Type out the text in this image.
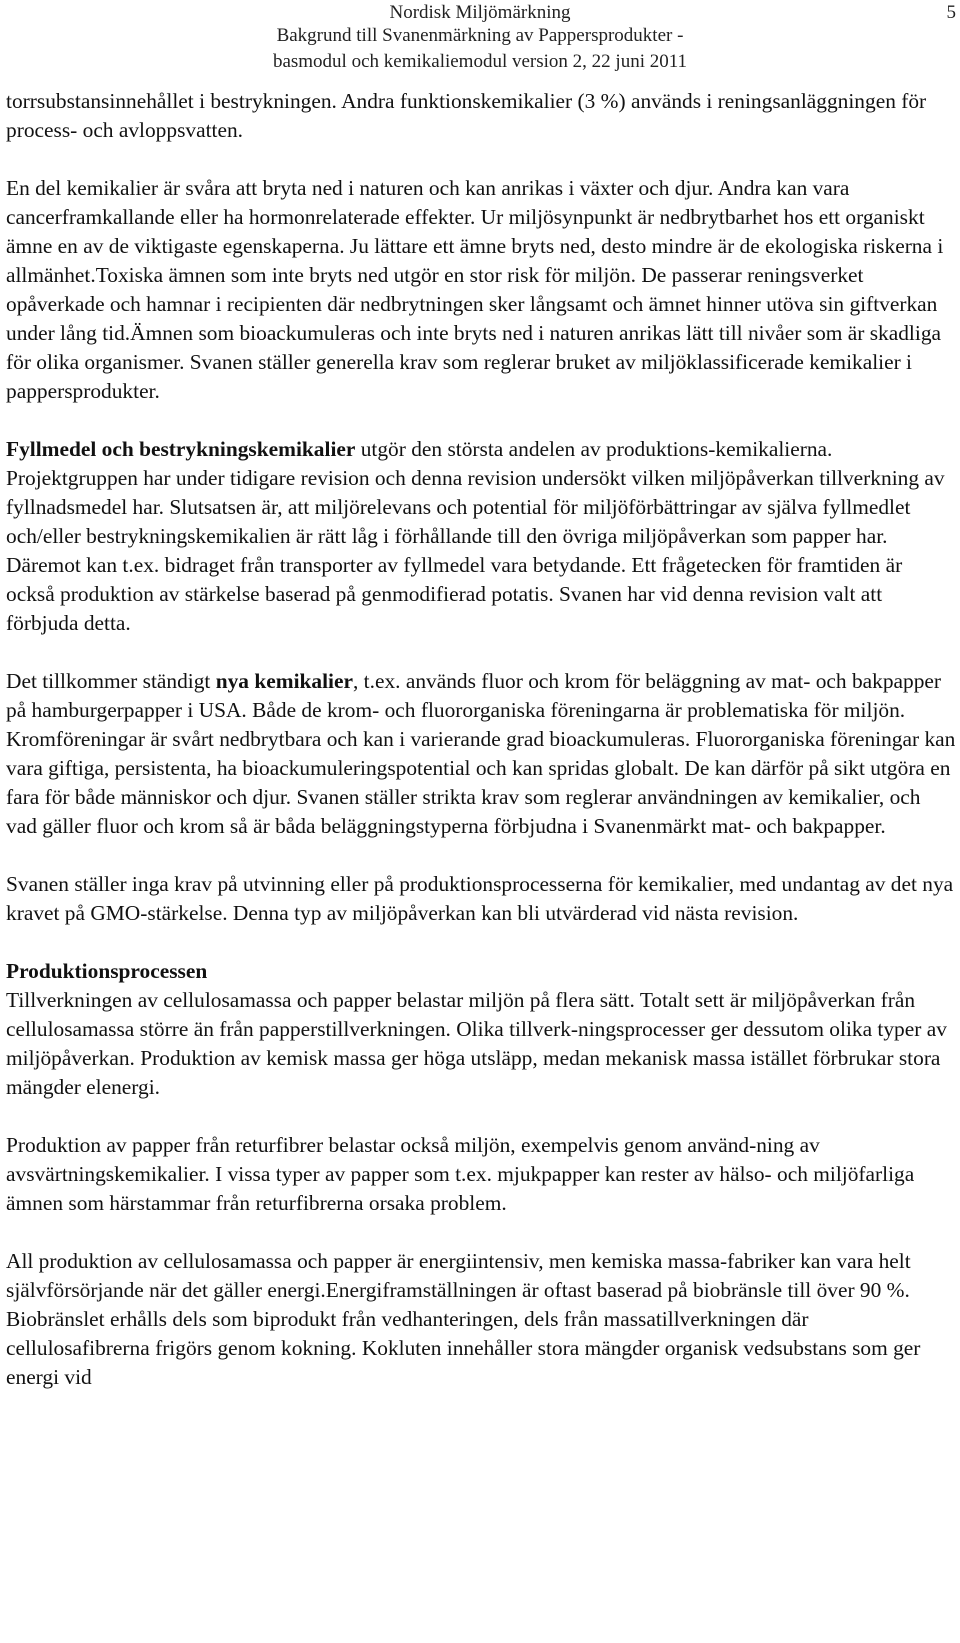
Nordisk Miljömärkning
Bakgrund till Svanenmärkning av Pappersprodukter -
basmodul och kemikaliemodul version 2, 22 juni 2011
5

torrsubstansinnehållet i bestrykningen. Andra funktionskemikalier (3 %) används i reningsanläggningen för process- och avloppsvatten.

En del kemikalier är svåra att bryta ned i naturen och kan anrikas i växter och djur. Andra kan vara cancerframkallande eller ha hormonrelaterade effekter. Ur miljösynpunkt är nedbrytbarhet hos ett organiskt ämne en av de viktigaste egenskaperna. Ju lättare ett ämne bryts ned, desto mindre är de ekologiska riskerna i allmänhet.Toxiska ämnen som inte bryts ned utgör en stor risk för miljön. De passerar reningsverket opåverkade och hamnar i recipienten där nedbrytningen sker långsamt och ämnet hinner utöva sin giftverkan under lång tid.Ämnen som bioackumuleras och inte bryts ned i naturen anrikas lätt till nivåer som är skadliga för olika organismer. Svanen ställer generella krav som reglerar bruket av miljöklassificerade kemikalier i pappersprodukter.

Fyllmedel och bestrykningskemikalier utgör den största andelen av produktions-kemikalierna. Projektgruppen har under tidigare revision och denna revision undersökt vilken miljöpåverkan tillverkning av fyllnadsmedel har. Slutsatsen är, att miljörelevans och potential för miljöförbättringar av själva fyllmedlet och/eller bestrykningskemikalien är rätt låg i förhållande till den övriga miljöpåverkan som papper har. Däremot kan t.ex. bidraget från transporter av fyllmedel vara betydande. Ett frågetecken för framtiden är också produktion av stärkelse baserad på genmodifierad potatis. Svanen har vid denna revision valt att förbjuda detta.

Det tillkommer ständigt nya kemikalier, t.ex. används fluor och krom för beläggning av mat- och bakpapper på hamburgerpapper i USA. Både de krom- och fluororganiska föreningarna är problematiska för miljön. Kromföreningar är svårt nedbrytbara och kan i varierande grad bioackumuleras. Fluororganiska föreningar kan vara giftiga, persistenta, ha bioackumuleringspotential och kan spridas globalt. De kan därför på sikt utgöra en fara för både människor och djur. Svanen ställer strikta krav som reglerar användningen av kemikalier, och vad gäller fluor och krom så är båda beläggningstyperna förbjudna i Svanenmärkt mat- och bakpapper.

Svanen ställer inga krav på utvinning eller på produktionsprocesserna för kemikalier, med undantag av det nya kravet på GMO-stärkelse. Denna typ av miljöpåverkan kan bli utvärderad vid nästa revision.

Produktionsprocessen
Tillverkningen av cellulosamassa och papper belastar miljön på flera sätt. Totalt sett är miljöpåverkan från cellulosamassa större än från papperstillverkningen. Olika tillverk-ningsprocesser ger dessutom olika typer av miljöpåverkan. Produktion av kemisk massa ger höga utsläpp, medan mekanisk massa istället förbrukar stora mängder elenergi.

Produktion av papper från returfibrer belastar också miljön, exempelvis genom använd-ning av avsvärtningskemikalier. I vissa typer av papper som t.ex. mjukpapper kan rester av hälso- och miljöfarliga ämnen som härstammar från returfibrerna orsaka problem.

All produktion av cellulosamassa och papper är energiintensiv, men kemiska massa-fabriker kan vara helt självförsörjande när det gäller energi.Energiframställningen är oftast baserad på biobränsle till över 90 %. Biobränslet erhålls dels som biprodukt från vedhanteringen, dels från massatillverkningen där cellulosafibrerna frigörs genom kokning. Kokluten innehåller stora mängder organisk vedsubstans som ger energi vid
